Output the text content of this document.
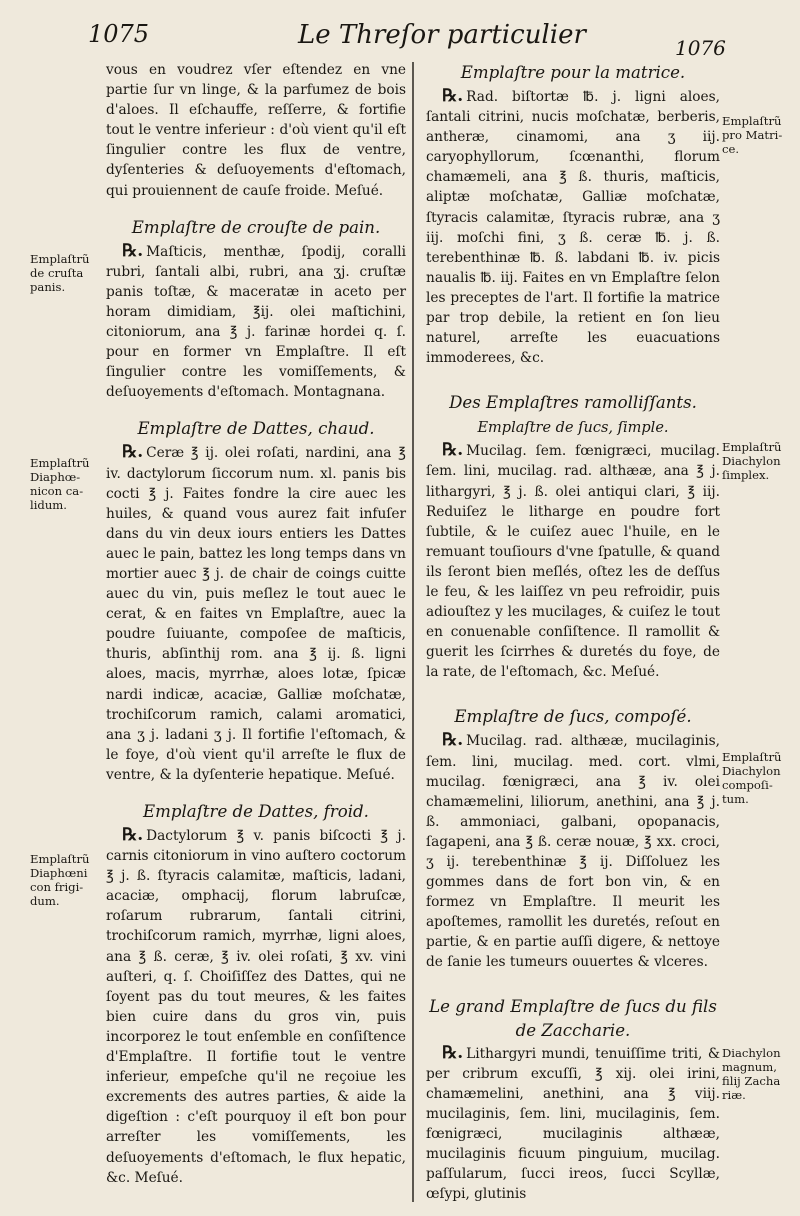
1075	Le Threſor particulier	1076

vous en voudrez vſer eſtendez en vne partie ſur vn linge, & la parfumez de bois d'aloes. Il eſchauffe, reſſerre, & fortifie tout le ventre inferieur : d'où vient qu'il eſt ſingulier contre les flux de ventre, dyſenteries & deſuoyements d'eſtomach, qui prouiennent de cauſe froide. Meſué.

Emplaſtre de crouſte de pain.

℞. Maſticis, menthæ, ſpodij, coralli rubri, ſantali albi, rubri, ana ʒj. cruſtæ panis toſtæ, & maceratæ in aceto per horam dimidiam, ℥ij. olei maſtichini, citoniorum, ana ℥ j. farinæ hordei q. ſ. pour en former vn Emplaſtre. Il eſt ſingulier contre les vomiſſements, & deſuoyements d'eſtomach. Montagnana.

Emplaſtre de Dattes, chaud.

℞. Ceræ ℥ ij. olei roſati, nardini, ana ℥ iv. dactylorum ſiccorum num. xl. panis bis cocti ℥ j. Faites fondre la cire auec les huiles, & quand vous aurez fait infuſer dans du vin deux iours entiers les Dattes auec le pain, battez les long temps dans vn mortier auec ℥ j. de chair de coings cuitte auec du vin, puis meſlez le tout auec le cerat, & en faites vn Emplaſtre, auec la poudre ſuiuante, compoſee de maſticis, thuris, abſinthij rom. ana ℥ ij. ß. ligni aloes, macis, myrrhæ, aloes lotæ, ſpicæ nardi indicæ, acaciæ, Galliæ moſchatæ, trochiſcorum ramich, calami aromatici, ana ʒ j. ladani ʒ j. Il fortifie l'eſtomach, & le foye, d'où vient qu'il arreſte le flux de ventre, & la dyſenterie hepatique. Meſué.

Emplaſtre de Dattes, froid.

℞. Dactylorum ℥ v. panis biſcocti ℥ j. carnis citoniorum in vino auſtero coctorum ℥ j. ß. ſtyracis calamitæ, maſticis, ladani, acaciæ, omphacij, florum labruſcæ, roſarum rubrarum, ſantali citrini, trochiſcorum ramich, myrrhæ, ligni aloes, ana ℥ ß. ceræ, ℥ iv. olei roſati, ℥ xv. vini auſteri, q. ſ. Choiſiſſez des Dattes, qui ne ſoyent pas du tout meures, & les faites bien cuire dans du gros vin, puis incorporez le tout enſemble en conſiſtence d'Emplaſtre. Il fortifie tout le ventre inferieur, empeſche qu'il ne reçoiue les excrements des autres parties, & aide la digeſtion : c'eſt pourquoy il eſt bon pour arreſter les vomiſſements, les deſuoyements d'eſtomach, le flux hepatic, &c. Meſué.

Emplaſtre pour la matrice.

℞. Rad. biſtortæ ℔. j. ligni aloes, ſantali citrini, nucis moſchatæ, berberis, antheræ, cinamomi, ana ʒ iij. caryophyllorum, ſcœnanthi, florum chamæmeli, ana ℥ ß. thuris, maſticis, aliptæ moſchatæ, Galliæ moſchatæ, ſtyracis calamitæ, ſtyracis rubræ, ana ʒ iij. moſchi fini, ʒ ß. ceræ ℔. j. ß. terebenthinæ ℔. ß. labdani ℔. iv. picis naualis ℔. iij. Faites en vn Emplaſtre ſelon les preceptes de l'art. Il fortifie la matrice par trop debile, la retient en ſon lieu naturel, arreſte les euacuations immoderees, &c.

Des Emplaſtres ramolliſſants.
Emplaſtre de ſucs, ſimple.

℞. Mucilag. ſem. fœnigræci, mucilag. ſem. lini, mucilag. rad. althææ, ana ℥ j. lithargyri, ℥ j. ß. olei antiqui clari, ℥ iij. Reduiſez le litharge en poudre fort ſubtile, & le cuiſez auec l'huile, en le remuant touſiours d'vne ſpatulle, & quand ils ſeront bien meſlés, oſtez les de deſſus le feu, & les laiſſez vn peu refroidir, puis adiouſtez y les mucilages, & cuiſez le tout en conuenable conſiſtence. Il ramollit & guerit les ſcirrhes & duretés du foye, de la rate, de l'eſtomach, &c. Meſué.

Emplaſtre de ſucs, compoſé.

℞. Mucilag. rad. althææ, mucilaginis, ſem. lini, mucilag. med. cort. vlmi, mucilag. fœnigræci, ana ℥ iv. olei chamæmelini, liliorum, anethini, ana ℥ j. ß. ammoniaci, galbani, opopanacis, ſagapeni, ana ℥ ß. ceræ nouæ, ℥ xx. croci, ʒ ij. terebenthinæ ℥ ij. Diſſoluez les gommes dans de fort bon vin, & en formez vn Emplaſtre. Il meurit les apoſtemes, ramollit les duretés, reſout en partie, & en partie auſſi digere, & nettoye de ſanie les tumeurs ouuertes & vlceres.

Le grand Emplaſtre de ſucs du fils de Zaccharie.

℞. Lithargyri mundi, tenuiſſime triti, & per cribrum excuſſi, ℥ xij. olei irini, chamæmelini, anethini, ana ℥ viij. mucilaginis, ſem. lini, mucilaginis, ſem. fœnigræci, mucilaginis althææ, mucilaginis ficuum pinguium, mucilag. paſſularum, ſucci ireos, ſucci Scyllæ, œſypi, glutinis

Emplaſtrũ
de cruſta
panis.
Emplaſtrũ
Diaphœ-
nicon ca-
lidum.
Emplaſtrũ
Diaphœni
con frigi-
dum.
Emplaſtrũ
pro Matri-
ce.
Emplaſtrũ
Diachylon
ſimplex.
Emplaſtrũ
Diachylon
compoſi-
tum.
Diachylon
magnum,
filij Zacha
riæ.
